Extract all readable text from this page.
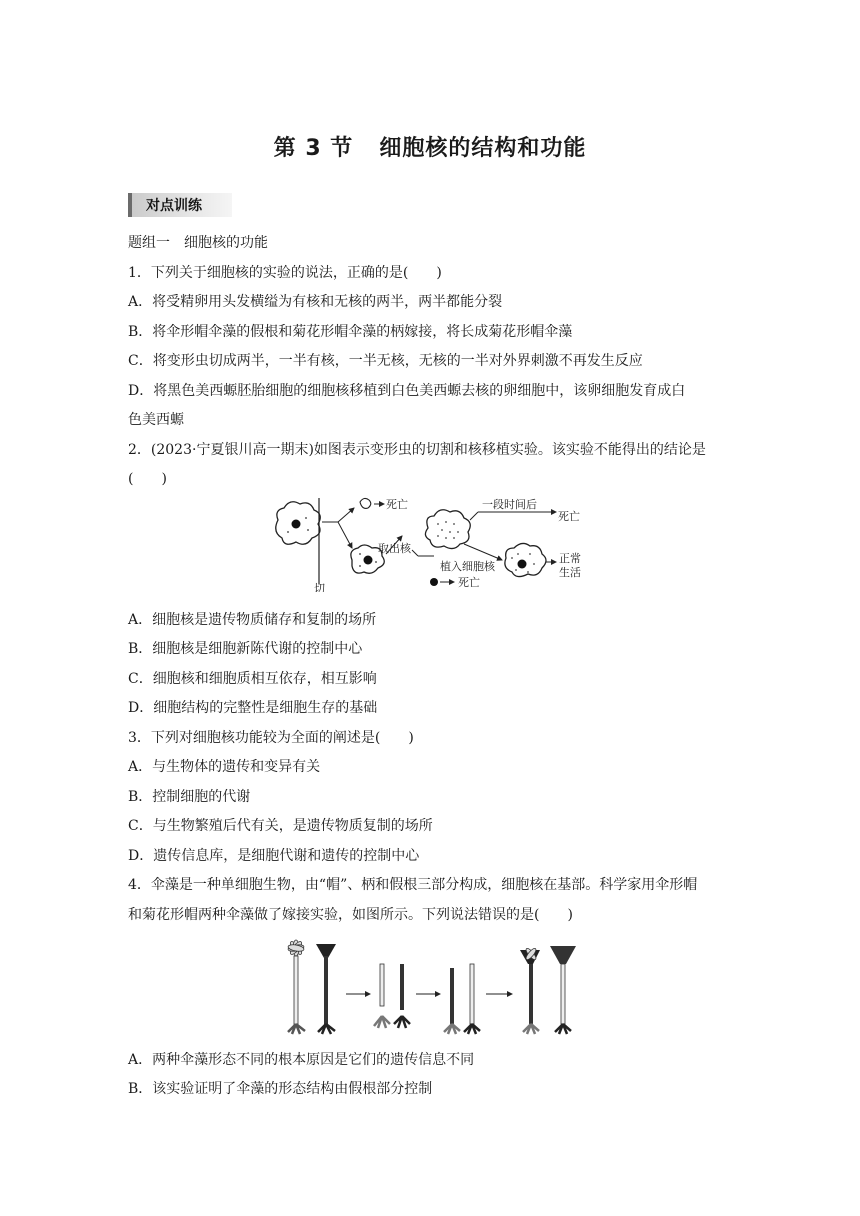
第 3 节 细胞核的结构和功能
对点训练
题组一　细胞核的功能
1．下列关于细胞核的实验的说法，正确的是(　　)
A．将受精卵用头发横缢为有核和无核的两半，两半都能分裂
B．将伞形帽伞藻的假根和菊花形帽伞藻的柄嫁接，将长成菊花形帽伞藻
C．将变形虫切成两半，一半有核，一半无核，无核的一半对外界刺激不再发生反应
D．将黑色美西螈胚胎细胞的细胞核移植到白色美西螈去核的卵细胞中，该卵细胞发育成白
色美西螈
2．(2023·宁夏银川高一期末)如图表示变形虫的切割和核移植实验。该实验不能得出的结论是
(　　)
切
死亡
取出核
一段时间后
死亡
植入细胞核
正常
生活
死亡
A．细胞核是遗传物质储存和复制的场所
B．细胞核是细胞新陈代谢的控制中心
C．细胞核和细胞质相互依存，相互影响
D．细胞结构的完整性是细胞生存的基础
3．下列对细胞核功能较为全面的阐述是(　　)
A．与生物体的遗传和变异有关
B．控制细胞的代谢
C．与生物繁殖后代有关，是遗传物质复制的场所
D．遗传信息库，是细胞代谢和遗传的控制中心
4．伞藻是一种单细胞生物，由“帽”、柄和假根三部分构成，细胞核在基部。科学家用伞形帽
和菊花形帽两种伞藻做了嫁接实验，如图所示。下列说法错误的是(　　)
A．两种伞藻形态不同的根本原因是它们的遗传信息不同
B．该实验证明了伞藻的形态结构由假根部分控制
